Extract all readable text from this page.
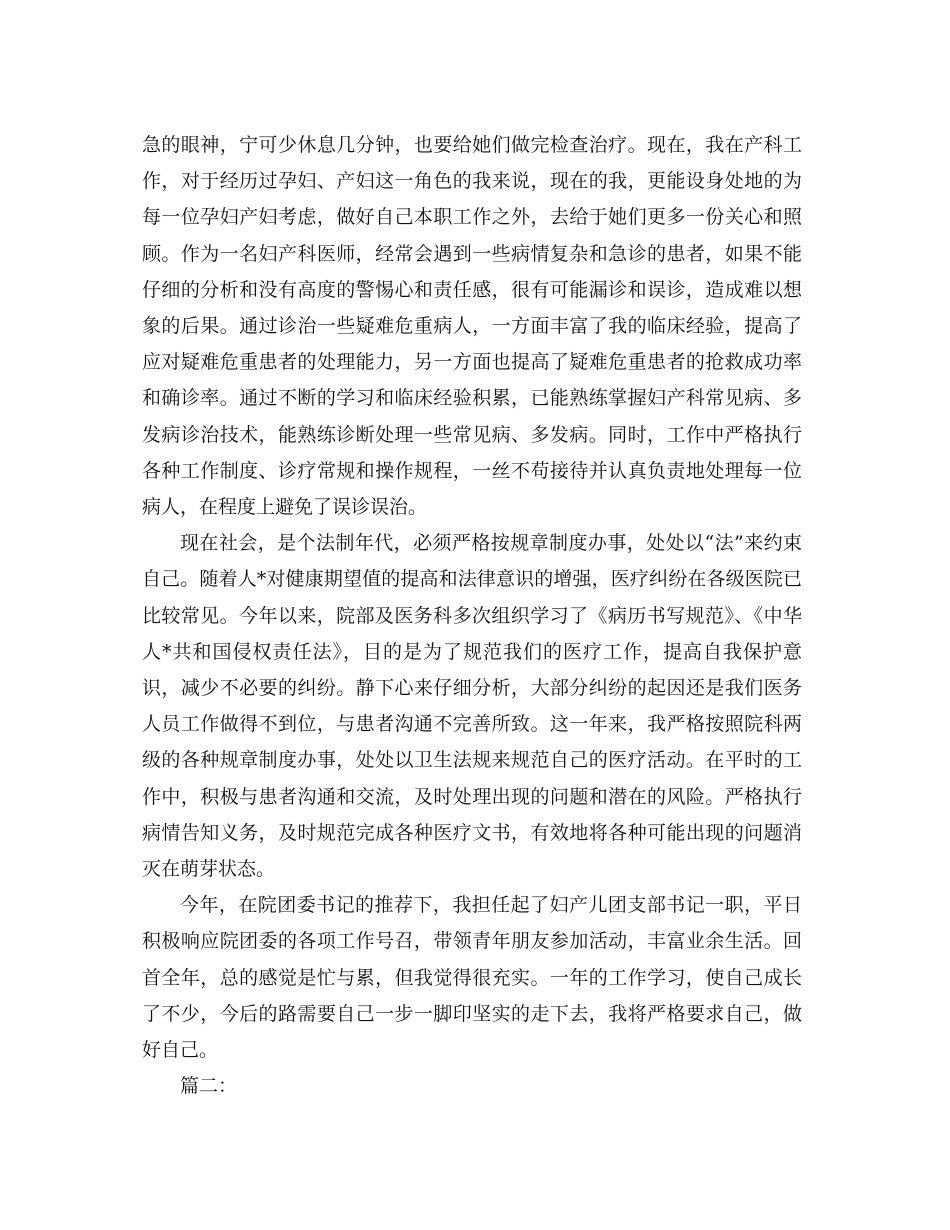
急的眼神，宁可少休息几分钟，也要给她们做完检查治疗。现在，我在产科工作，对于经历过孕妇、产妇这一角色的我来说，现在的我，更能设身处地的为每一位孕妇产妇考虑，做好自己本职工作之外，去给于她们更多一份关心和照顾。作为一名妇产科医师，经常会遇到一些病情复杂和急诊的患者，如果不能仔细的分析和没有高度的警惕心和责任感，很有可能漏诊和误诊，造成难以想象的后果。通过诊治一些疑难危重病人，一方面丰富了我的临床经验，提高了应对疑难危重患者的处理能力，另一方面也提高了疑难危重患者的抢救成功率和确诊率。通过不断的学习和临床经验积累，已能熟练掌握妇产科常见病、多发病诊治技术，能熟练诊断处理一些常见病、多发病。同时，工作中严格执行各种工作制度、诊疗常规和操作规程，一丝不苟接待并认真负责地处理每一位病人，在程度上避免了误诊误治。

现在社会，是个法制年代，必须严格按规章制度办事，处处以“法”来约束自己。随着人*对健康期望值的提高和法律意识的增强，医疗纠纷在各级医院已比较常见。今年以来，院部及医务科多次组织学习了《病历书写规范》、《中华人*共和国侵权责任法》，目的是为了规范我们的医疗工作，提高自我保护意识，减少不必要的纠纷。静下心来仔细分析，大部分纠纷的起因还是我们医务人员工作做得不到位，与患者沟通不完善所致。这一年来，我严格按照院科两级的各种规章制度办事，处处以卫生法规来规范自己的医疗活动。在平时的工作中，积极与患者沟通和交流，及时处理出现的问题和潜在的风险。严格执行病情告知义务，及时规范完成各种医疗文书，有效地将各种可能出现的问题消灭在萌芽状态。

今年，在院团委书记的推荐下，我担任起了妇产儿团支部书记一职，平日积极响应院团委的各项工作号召，带领青年朋友参加活动，丰富业余生活。回首全年，总的感觉是忙与累，但我觉得很充实。一年的工作学习，使自己成长了不少，今后的路需要自己一步一脚印坚实的走下去，我将严格要求自己，做好自己。

篇二：
